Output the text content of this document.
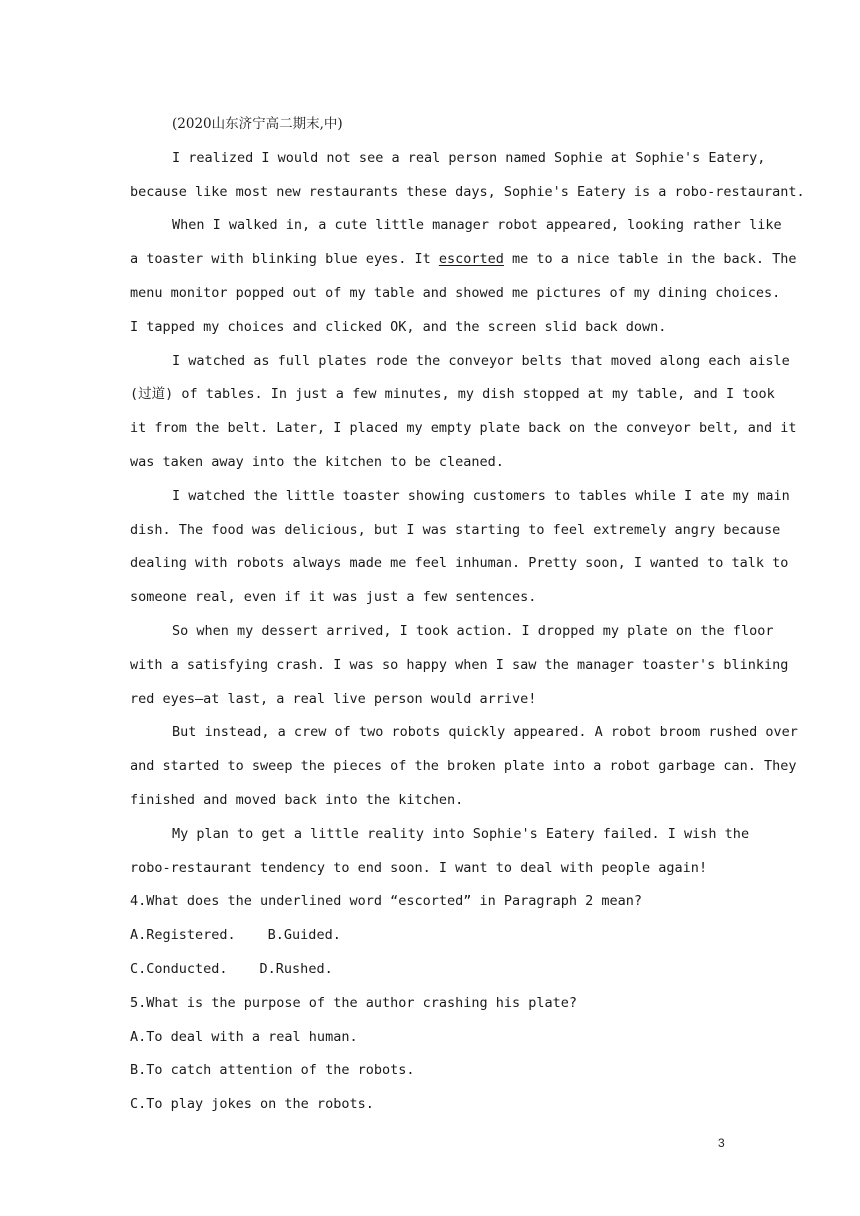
(2020山东济宁高二期末,中)
I realized I would not see a real person named Sophie at Sophie's Eatery,
because like most new restaurants these days, Sophie's Eatery is a robo-restaurant.
When I walked in, a cute little manager robot appeared, looking rather like
a toaster with blinking blue eyes. It escorted me to a nice table in the back. The
menu monitor popped out of my table and showed me pictures of my dining choices.
I tapped my choices and clicked OK, and the screen slid back down.
I watched as full plates rode the conveyor belts that moved along each aisle
(过道) of tables. In just a few minutes, my dish stopped at my table, and I took
it from the belt. Later, I placed my empty plate back on the conveyor belt, and it
was taken away into the kitchen to be cleaned.
I watched the little toaster showing customers to tables while I ate my main
dish. The food was delicious, but I was starting to feel extremely angry because
dealing with robots always made me feel inhuman. Pretty soon, I wanted to talk to
someone real, even if it was just a few sentences.
So when my dessert arrived, I took action. I dropped my plate on the floor
with a satisfying crash. I was so happy when I saw the manager toaster's blinking
red eyes—at last, a real live person would arrive!
But instead, a crew of two robots quickly appeared. A robot broom rushed over
and started to sweep the pieces of the broken plate into a robot garbage can. They
finished and moved back into the kitchen.
My plan to get a little reality into Sophie's Eatery failed. I wish the
robo-restaurant tendency to end soon. I want to deal with people again!
4.What does the underlined word “escorted” in Paragraph 2 mean?
A.Registered. B.Guided.
C.Conducted. D.Rushed.
5.What is the purpose of the author crashing his plate?
A.To deal with a real human.
B.To catch attention of the robots.
C.To play jokes on the robots.
3
